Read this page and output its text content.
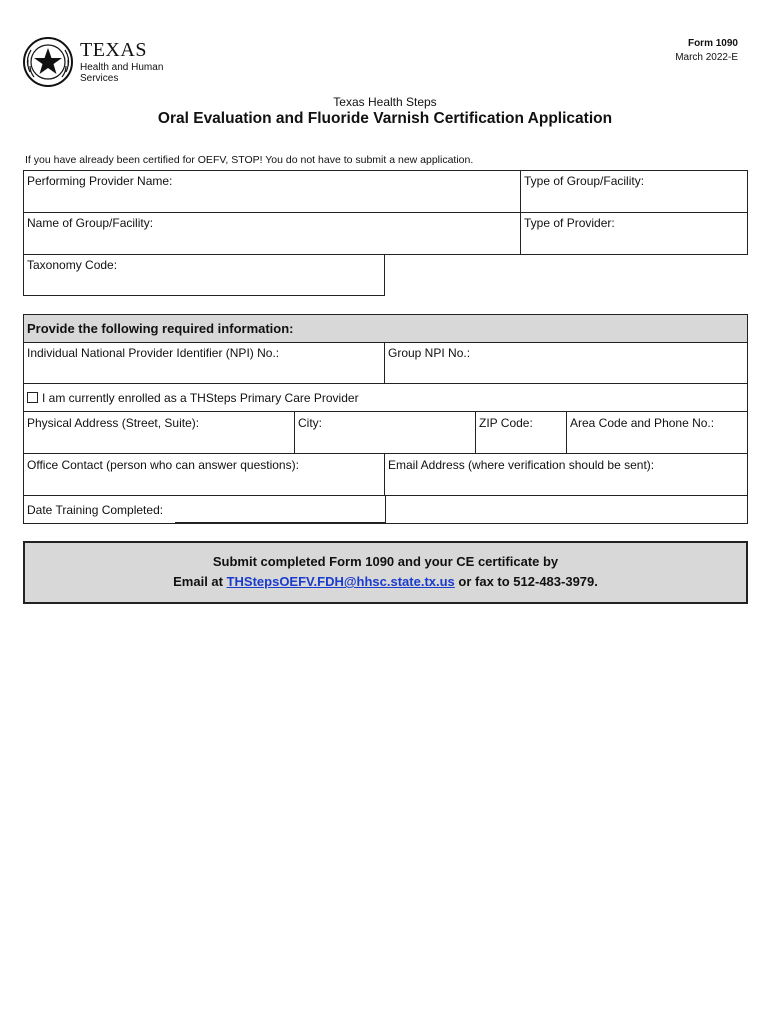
TEXAS
Health and Human
Services
Form 1090
March 2022-E
Texas Health Steps
Oral Evaluation and Fluoride Varnish Certification Application
If you have already been certified for OEFV, STOP! You do not have to submit a new application.
Performing Provider Name:	Type of Group/Facility:
Name of Group/Facility:	Type of Provider:
Taxonomy Code:
Provide the following required information:
Individual National Provider Identifier (NPI) No.:	Group NPI No.:
I am currently enrolled as a THSteps Primary Care Provider
Physical Address (Street, Suite):	City:	ZIP Code:	Area Code and Phone No.:
Office Contact (person who can answer questions):	Email Address (where verification should be sent):
Date Training Completed:
Submit completed Form 1090 and your CE certificate by
Email at THStepsOEFV.FDH@hhsc.state.tx.us or fax to 512-483-3979.
